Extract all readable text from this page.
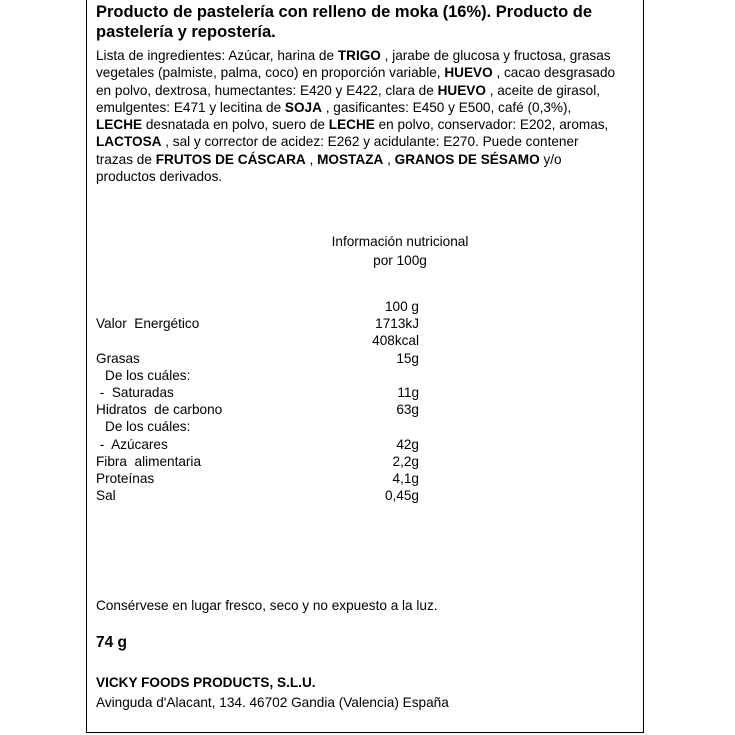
Producto de pastelería con relleno de moka (16%). Producto de pastelería y repostería.
Lista de ingredientes: Azúcar, harina de TRIGO , jarabe de glucosa y fructosa, grasas vegetales (palmiste, palma, coco) en proporción variable, HUEVO , cacao desgrasado en polvo, dextrosa, humectantes: E420 y E422, clara de HUEVO , aceite de girasol, emulgentes: E471 y lecitina de SOJA , gasificantes: E450 y E500, café (0,3%), LECHE desnatada en polvo, suero de LECHE en polvo, conservador: E202, aromas, LACTOSA , sal y corrector de acidez: E262 y acidulante: E270. Puede contener trazas de FRUTOS DE CÁSCARA , MOSTAZA , GRANOS DE SÉSAMO y/o productos derivados.
Información nutricional
por 100g
100 g
Valor  Energético	1713kJ
408kcal
Grasas	15g
De los cuáles:
-  Saturadas	11g
Hidratos  de carbono	63g
De los cuáles:
-  Azúcares	42g
Fibra  alimentaria	2,2g
Proteínas	4,1g
Sal	0,45g
Consérvese en lugar fresco, seco y no expuesto a la luz.
74 g
VICKY FOODS PRODUCTS, S.L.U.
Avinguda d'Alacant, 134. 46702 Gandia (Valencia) España
